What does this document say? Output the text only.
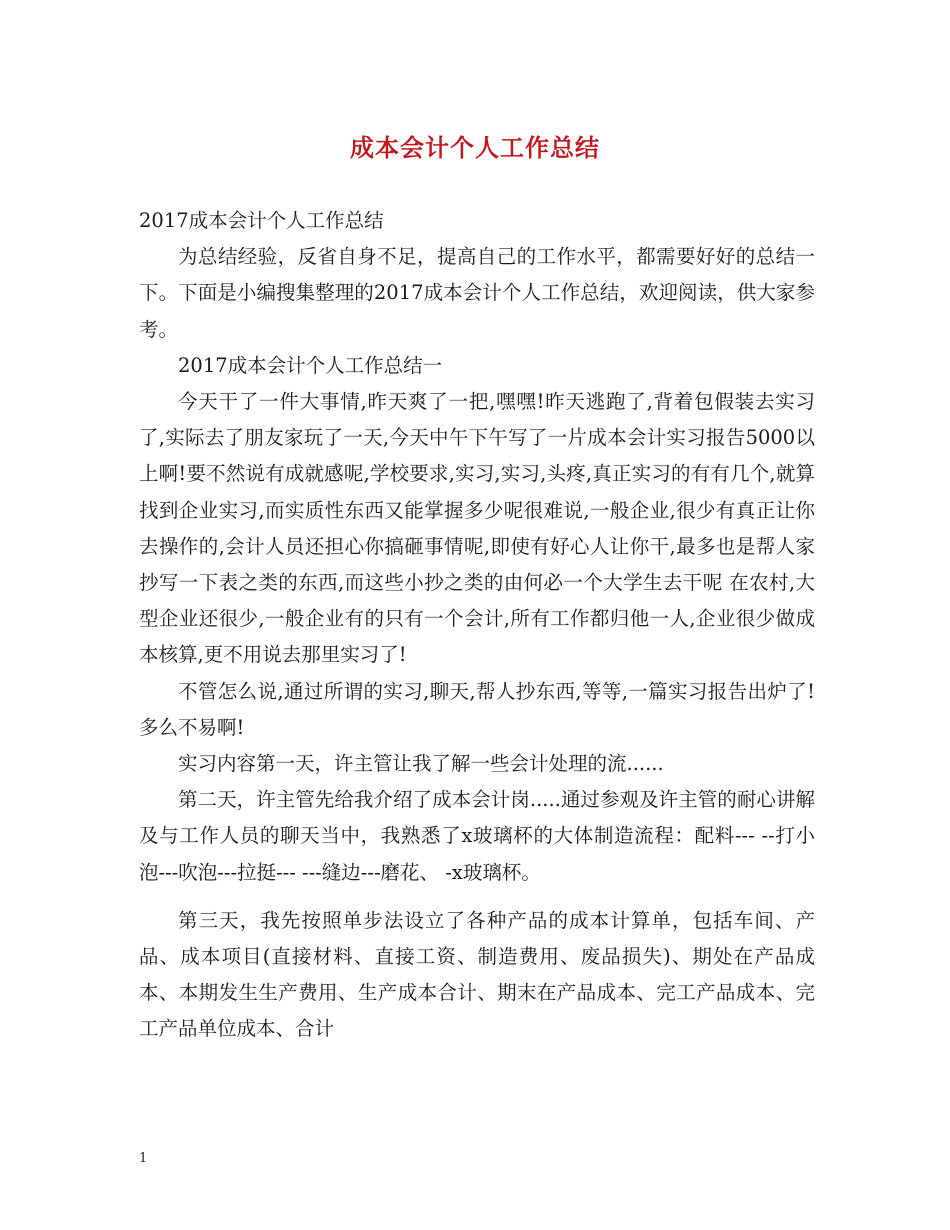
成本会计个人工作总结

2017成本会计个人工作总结

为总结经验，反省自身不足，提高自己的工作水平，都需要好好的总结一下。下面是小编搜集整理的2017成本会计个人工作总结，欢迎阅读，供大家参考。

2017成本会计个人工作总结一

今天干了一件大事情,昨天爽了一把,嘿嘿!昨天逃跑了,背着包假装去实习了,实际去了朋友家玩了一天,今天中午下午写了一片成本会计实习报告5000以上啊!要不然说有成就感呢,学校要求,实习,实习,头疼,真正实习的有有几个,就算找到企业实习,而实质性东西又能掌握多少呢很难说,一般企业,很少有真正让你去操作的,会计人员还担心你搞砸事情呢,即使有好心人让你干,最多也是帮人家抄写一下表之类的东西,而这些小抄之类的由何必一个大学生去干呢 在农村,大型企业还很少,一般企业有的只有一个会计,所有工作都归他一人,企业很少做成本核算,更不用说去那里实习了!

不管怎么说,通过所谓的实习,聊天,帮人抄东西,等等,一篇实习报告出炉了!多么不易啊!

实习内容第一天，许主管让我了解一些会计处理的流......

第二天，许主管先给我介绍了成本会计岗.....通过参观及许主管的耐心讲解及与工作人员的聊天当中，我熟悉了x玻璃杯的大体制造流程：配料--- --打小泡---吹泡---拉挺--- ---缝边---磨花、 -x玻璃杯。

第三天，我先按照单步法设立了各种产品的成本计算单，包括车间、产品、成本项目(直接材料、直接工资、制造费用、废品损失)、期处在产品成本、本期发生生产费用、生产成本合计、期末在产品成本、完工产品成本、完工产品单位成本、合计

1
